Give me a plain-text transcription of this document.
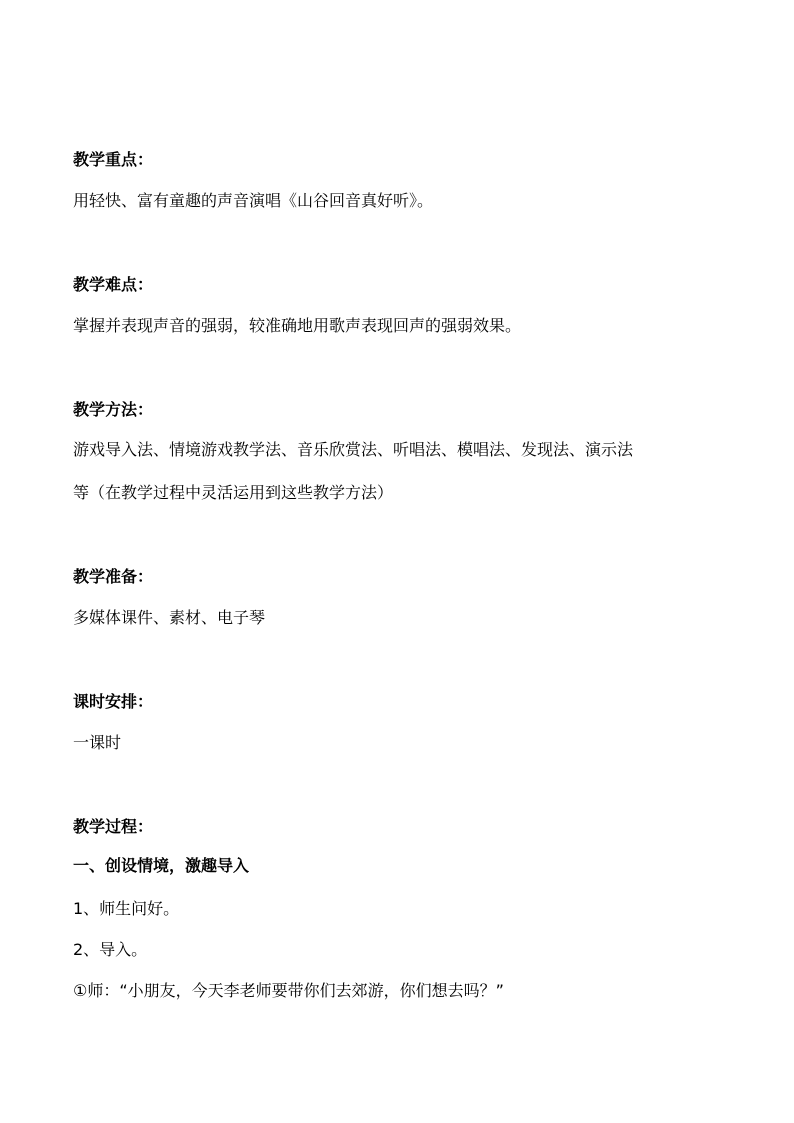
教学重点：
用轻快、富有童趣的声音演唱《山谷回音真好听》。
教学难点：
掌握并表现声音的强弱，较准确地用歌声表现回声的强弱效果。
教学方法：
游戏导入法、情境游戏教学法、音乐欣赏法、听唱法、模唱法、发现法、演示法
等（在教学过程中灵活运用到这些教学方法）
教学准备：
多媒体课件、素材、电子琴
课时安排：
一课时
教学过程：
一、创设情境，激趣导入
1、师生问好。
2、导入。
①师：“小朋友，今天李老师要带你们去郊游，你们想去吗？”
